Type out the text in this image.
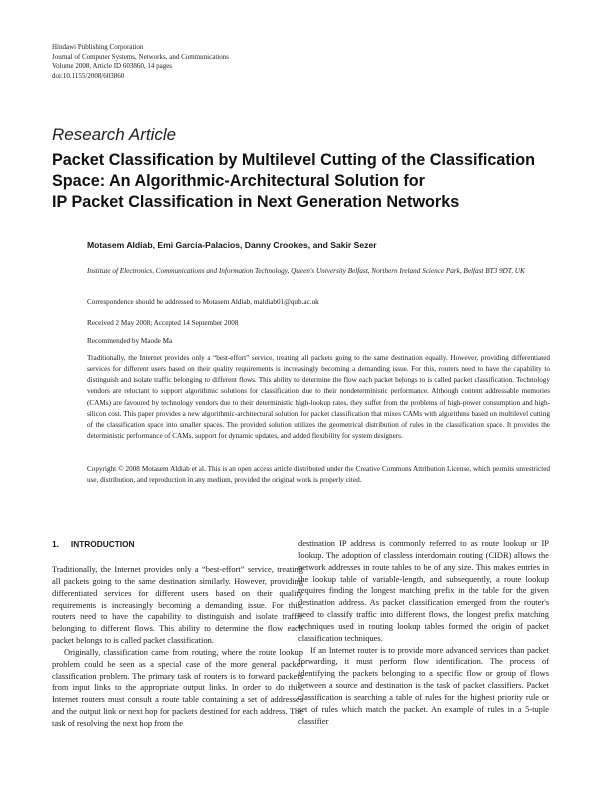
Hindawi Publishing Corporation
Journal of Computer Systems, Networks, and Communications
Volume 2008, Article ID 603860, 14 pages
doi:10.1155/2008/603860
Research Article
Packet Classification by Multilevel Cutting of the Classification
Space: An Algorithmic-Architectural Solution for
IP Packet Classification in Next Generation Networks
Motasem Aldiab, Emi Garcia-Palacios, Danny Crookes, and Sakir Sezer
Institute of Electronics, Communications and Information Technology, Queen's University Belfast, Northern Ireland Science Park, Belfast BT3 9DT, UK
Correspondence should be addressed to Motasem Aldiab, maldiab01@qub.ac.uk
Received 2 May 2008; Accepted 14 September 2008
Recommended by Maode Ma
Traditionally, the Internet provides only a “best-effort” service, treating all packets going to the same destination equally. However, providing differentiated services for different users based on their quality requirements is increasingly becoming a demanding issue. For this, routers need to have the capability to distinguish and isolate traffic belonging to different flows. This ability to determine the flow each packet belongs to is called packet classification. Technology vendors are reluctant to support algorithmic solutions for classification due to their nondeterministic performance. Although content addressable memories (CAMs) are favoured by technology vendors due to their deterministic high-lookup rates, they suffer from the problems of high-power consumption and high-silicon cost. This paper provides a new algorithmic-architectural solution for packet classification that mixes CAMs with algorithms based on multilevel cutting of the classification space into smaller spaces. The provided solution utilizes the geometrical distribution of rules in the classification space. It provides the deterministic performance of CAMs, support for dynamic updates, and added flexibility for system designers.
Copyright © 2008 Motasem Aldiab et al. This is an open access article distributed under the Creative Commons Attribution License, which permits unrestricted use, distribution, and reproduction in any medium, provided the original work is properly cited.
1. INTRODUCTION

Traditionally, the Internet provides only a “best-effort” service, treating all packets going to the same destination similarly. However, providing differentiated services for different users based on their quality requirements is increasingly becoming a demanding issue. For this, routers need to have the capability to distinguish and isolate traffic belonging to different flows. This ability to determine the flow each packet belongs to is called packet classification.

Originally, classification came from routing, where the route lookup problem could be seen as a special case of the more general packet classification problem. The primary task of routers is to forward packets from input links to the appropriate output links. In order to do this, Internet routers must consult a route table containing a set of addresses and the output link or next hop for packets destined for each address. The task of resolving the next hop from the

destination IP address is commonly referred to as route lookup or IP lookup. The adoption of classless interdomain routing (CIDR) allows the network addresses in route tables to be of any size. This makes entries in the lookup table of variable-length, and subsequently, a route lookup requires finding the longest matching prefix in the table for the given destination address. As packet classification emerged from the router's need to classify traffic into different flows, the longest prefix matching techniques used in routing lookup tables formed the origin of packet classification techniques.

If an Internet router is to provide more advanced services than packet forwarding, it must perform flow identification. The process of identifying the packets belonging to a specific flow or group of flows between a source and destination is the task of packet classifiers. Packet classification is searching a table of rules for the highest priority rule or set of rules which match the packet. An example of rules in a 5-tuple classifier
